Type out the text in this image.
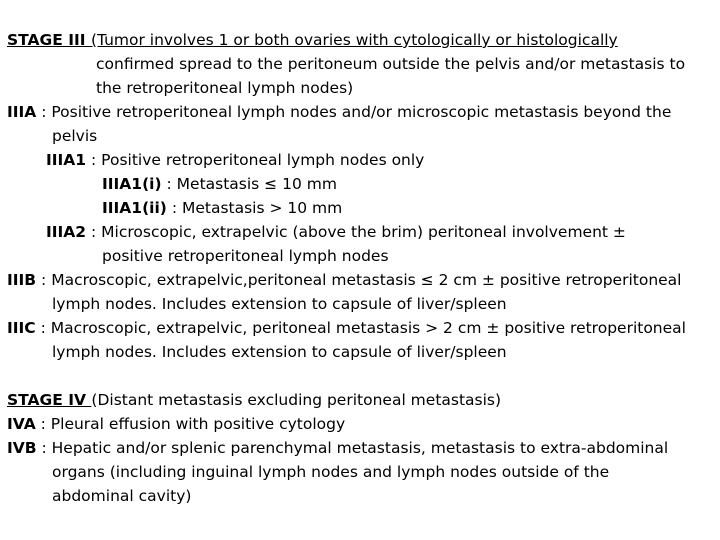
STAGE III (Tumor involves 1 or both ovaries with cytologically or histologically
confirmed spread to the peritoneum outside the pelvis and/or metastasis to
the retroperitoneal lymph nodes)
IIIA : Positive retroperitoneal lymph nodes and/or microscopic metastasis beyond the
pelvis
IIIA1 : Positive retroperitoneal lymph nodes only
IIIA1(i) : Metastasis ≤ 10 mm
IIIA1(ii) : Metastasis > 10 mm
IIIA2 : Microscopic, extrapelvic (above the brim) peritoneal involvement ±
positive retroperitoneal lymph nodes
IIIB : Macroscopic, extrapelvic,peritoneal metastasis ≤ 2 cm ± positive retroperitoneal
lymph nodes. Includes extension to capsule of liver/spleen
IIIC : Macroscopic, extrapelvic, peritoneal metastasis > 2 cm ± positive retroperitoneal
lymph nodes. Includes extension to capsule of liver/spleen
STAGE IV (Distant metastasis excluding peritoneal metastasis)
IVA : Pleural effusion with positive cytology
IVB : Hepatic and/or splenic parenchymal metastasis, metastasis to extra-abdominal
organs (including inguinal lymph nodes and lymph nodes outside of the
abdominal cavity)
